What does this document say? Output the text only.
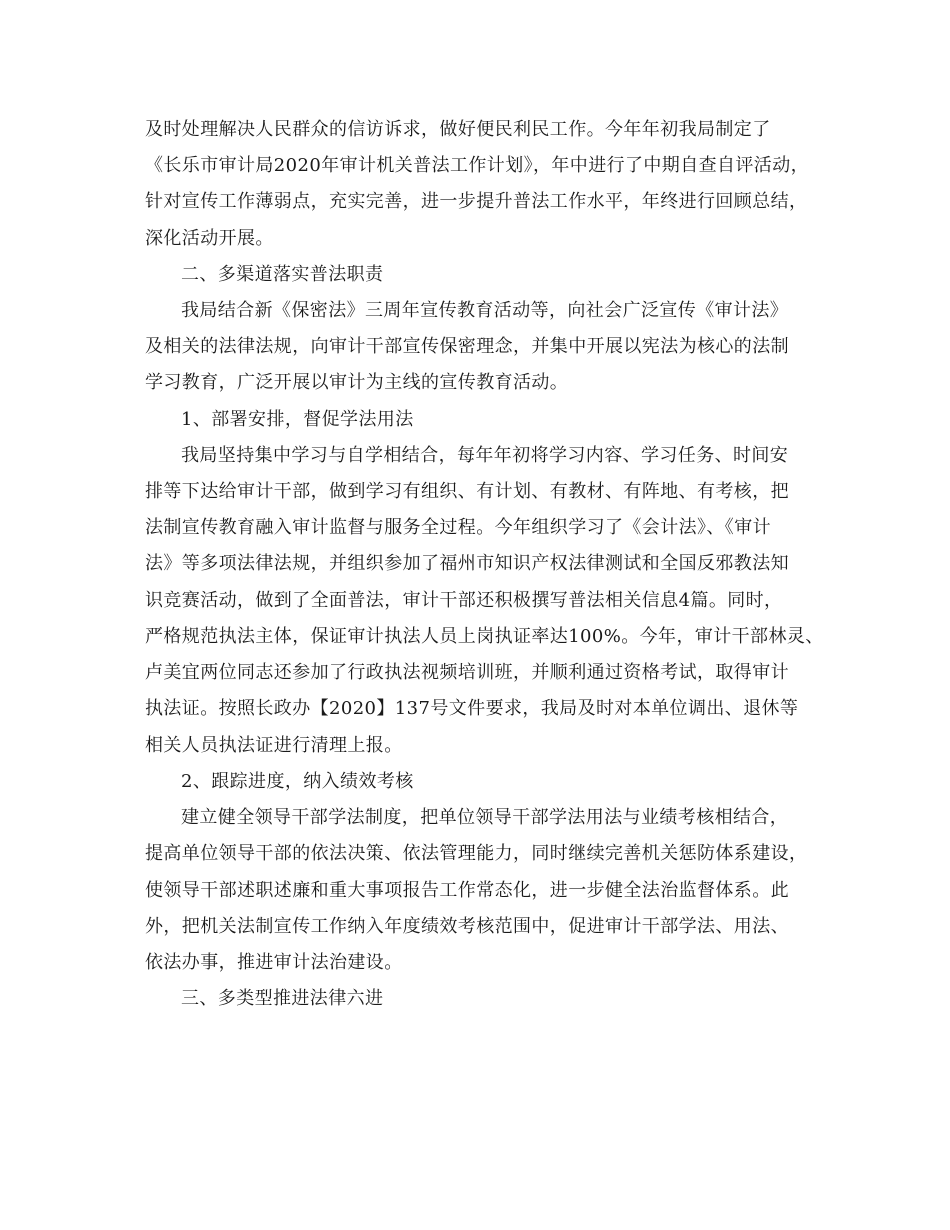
及时处理解决人民群众的信访诉求，做好便民利民工作。今年年初我局制定了
《长乐市审计局2020年审计机关普法工作计划》，年中进行了中期自查自评活动，
针对宣传工作薄弱点，充实完善，进一步提升普法工作水平，年终进行回顾总结，
深化活动开展。
二、多渠道落实普法职责
我局结合新《保密法》三周年宣传教育活动等，向社会广泛宣传《审计法》
及相关的法律法规，向审计干部宣传保密理念，并集中开展以宪法为核心的法制
学习教育，广泛开展以审计为主线的宣传教育活动。
1、部署安排，督促学法用法
我局坚持集中学习与自学相结合，每年年初将学习内容、学习任务、时间安
排等下达给审计干部，做到学习有组织、有计划、有教材、有阵地、有考核，把
法制宣传教育融入审计监督与服务全过程。今年组织学习了《会计法》、《审计
法》等多项法律法规，并组织参加了福州市知识产权法律测试和全国反邪教法知
识竞赛活动，做到了全面普法，审计干部还积极撰写普法相关信息4篇。同时，
严格规范执法主体，保证审计执法人员上岗执证率达100%。今年，审计干部林灵、
卢美宜两位同志还参加了行政执法视频培训班，并顺利通过资格考试，取得审计
执法证。按照长政办【2020】137号文件要求，我局及时对本单位调出、退休等
相关人员执法证进行清理上报。
2、跟踪进度，纳入绩效考核
建立健全领导干部学法制度，把单位领导干部学法用法与业绩考核相结合，
提高单位领导干部的依法决策、依法管理能力，同时继续完善机关惩防体系建设，
使领导干部述职述廉和重大事项报告工作常态化，进一步健全法治监督体系。此
外，把机关法制宣传工作纳入年度绩效考核范围中，促进审计干部学法、用法、
依法办事，推进审计法治建设。
三、多类型推进法律六进
